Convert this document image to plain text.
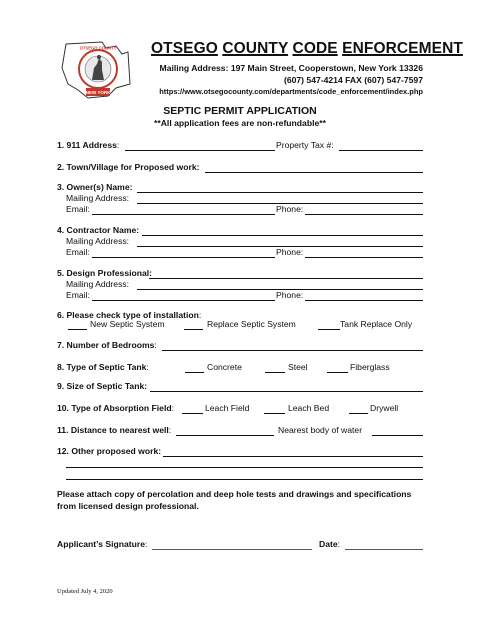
NEW YORK
OTSEGO COUNTY OTSEGO COUNTY CODE ENFORCEMENT
Mailing Address: 197 Main Street, Cooperstown, New York 13326
(607) 547-4214 FAX (607) 547-7597
https://www.otsegocounty.com/departments/code_enforcement/index.php
SEPTIC PERMIT APPLICATION
**All application fees are non-refundable**
1. 911 Address:	Property Tax #:
2. Town/Village for Proposed work:
3. Owner(s) Name:
Mailing Address:
Email:	Phone:
4. Contractor Name:
Mailing Address:
Email:	Phone:
5. Design Professional:
Mailing Address:
Email:	Phone:
6. Please check type of installation:
New Septic System	Replace Septic System	Tank Replace Only
7. Number of Bedrooms:
8. Type of Septic Tank:	Concrete	Steel	Fiberglass
9. Size of Septic Tank:
10. Type of Absorption Field:	Leach Field	Leach Bed	Drywell
11. Distance to nearest well:	Nearest body of water
12. Other proposed work:
Please attach copy of percolation and deep hole tests and drawings and specifications
from licensed design professional.
Applicant’s Signature:	Date:
Updated July 4, 2020
